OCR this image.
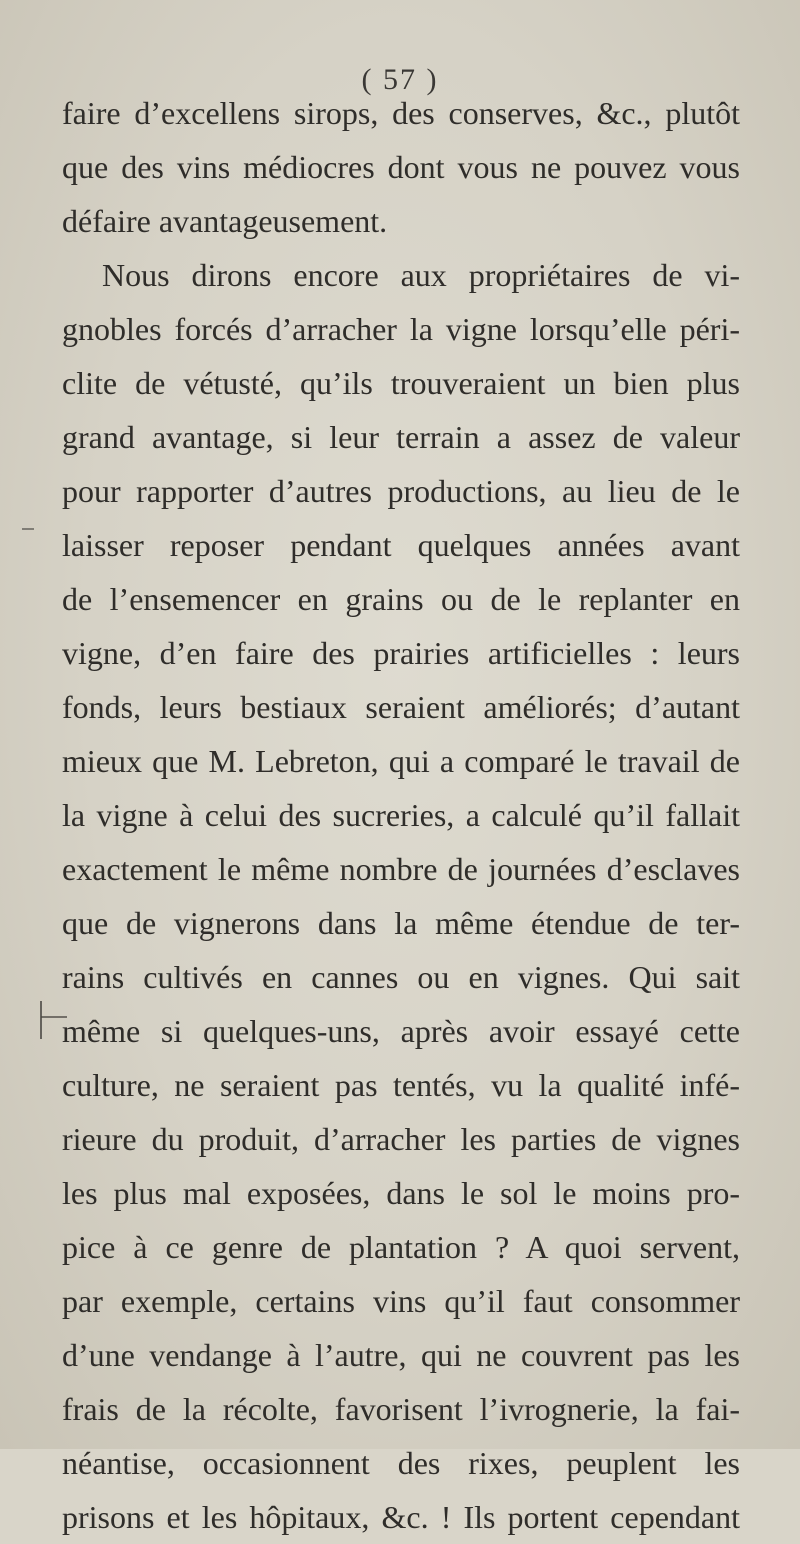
( 57 )
faire d’excellens sirops, des conserves, &c., plutôt
que des vins médiocres dont vous ne pouvez vous
défaire avantageusement.
Nous dirons encore aux propriétaires de vi-
gnobles forcés d’arracher la vigne lorsqu’elle péri-
clite de vétusté, qu’ils trouveraient un bien plus
grand avantage, si leur terrain a assez de valeur
pour rapporter d’autres productions, au lieu de le
laisser reposer pendant quelques années avant
de l’ensemencer en grains ou de le replanter en
vigne, d’en faire des prairies artificielles : leurs
fonds, leurs bestiaux seraient améliorés; d’autant
mieux que M. Lebreton, qui a comparé le travail de
la vigne à celui des sucreries, a calculé qu’il fallait
exactement le même nombre de journées d’esclaves
que de vignerons dans la même étendue de ter-
rains cultivés en cannes ou en vignes. Qui sait
même si quelques-uns, après avoir essayé cette
culture, ne seraient pas tentés, vu la qualité infé-
rieure du produit, d’arracher les parties de vignes
les plus mal exposées, dans le sol le moins pro-
pice à ce genre de plantation ? A quoi servent,
par exemple, certains vins qu’il faut consommer
d’une vendange à l’autre, qui ne couvrent pas les
frais de la récolte, favorisent l’ivrognerie, la fai-
néantise, occasionnent des rixes, peuplent les
prisons et les hôpitaux, &c. ! Ils portent cependant
